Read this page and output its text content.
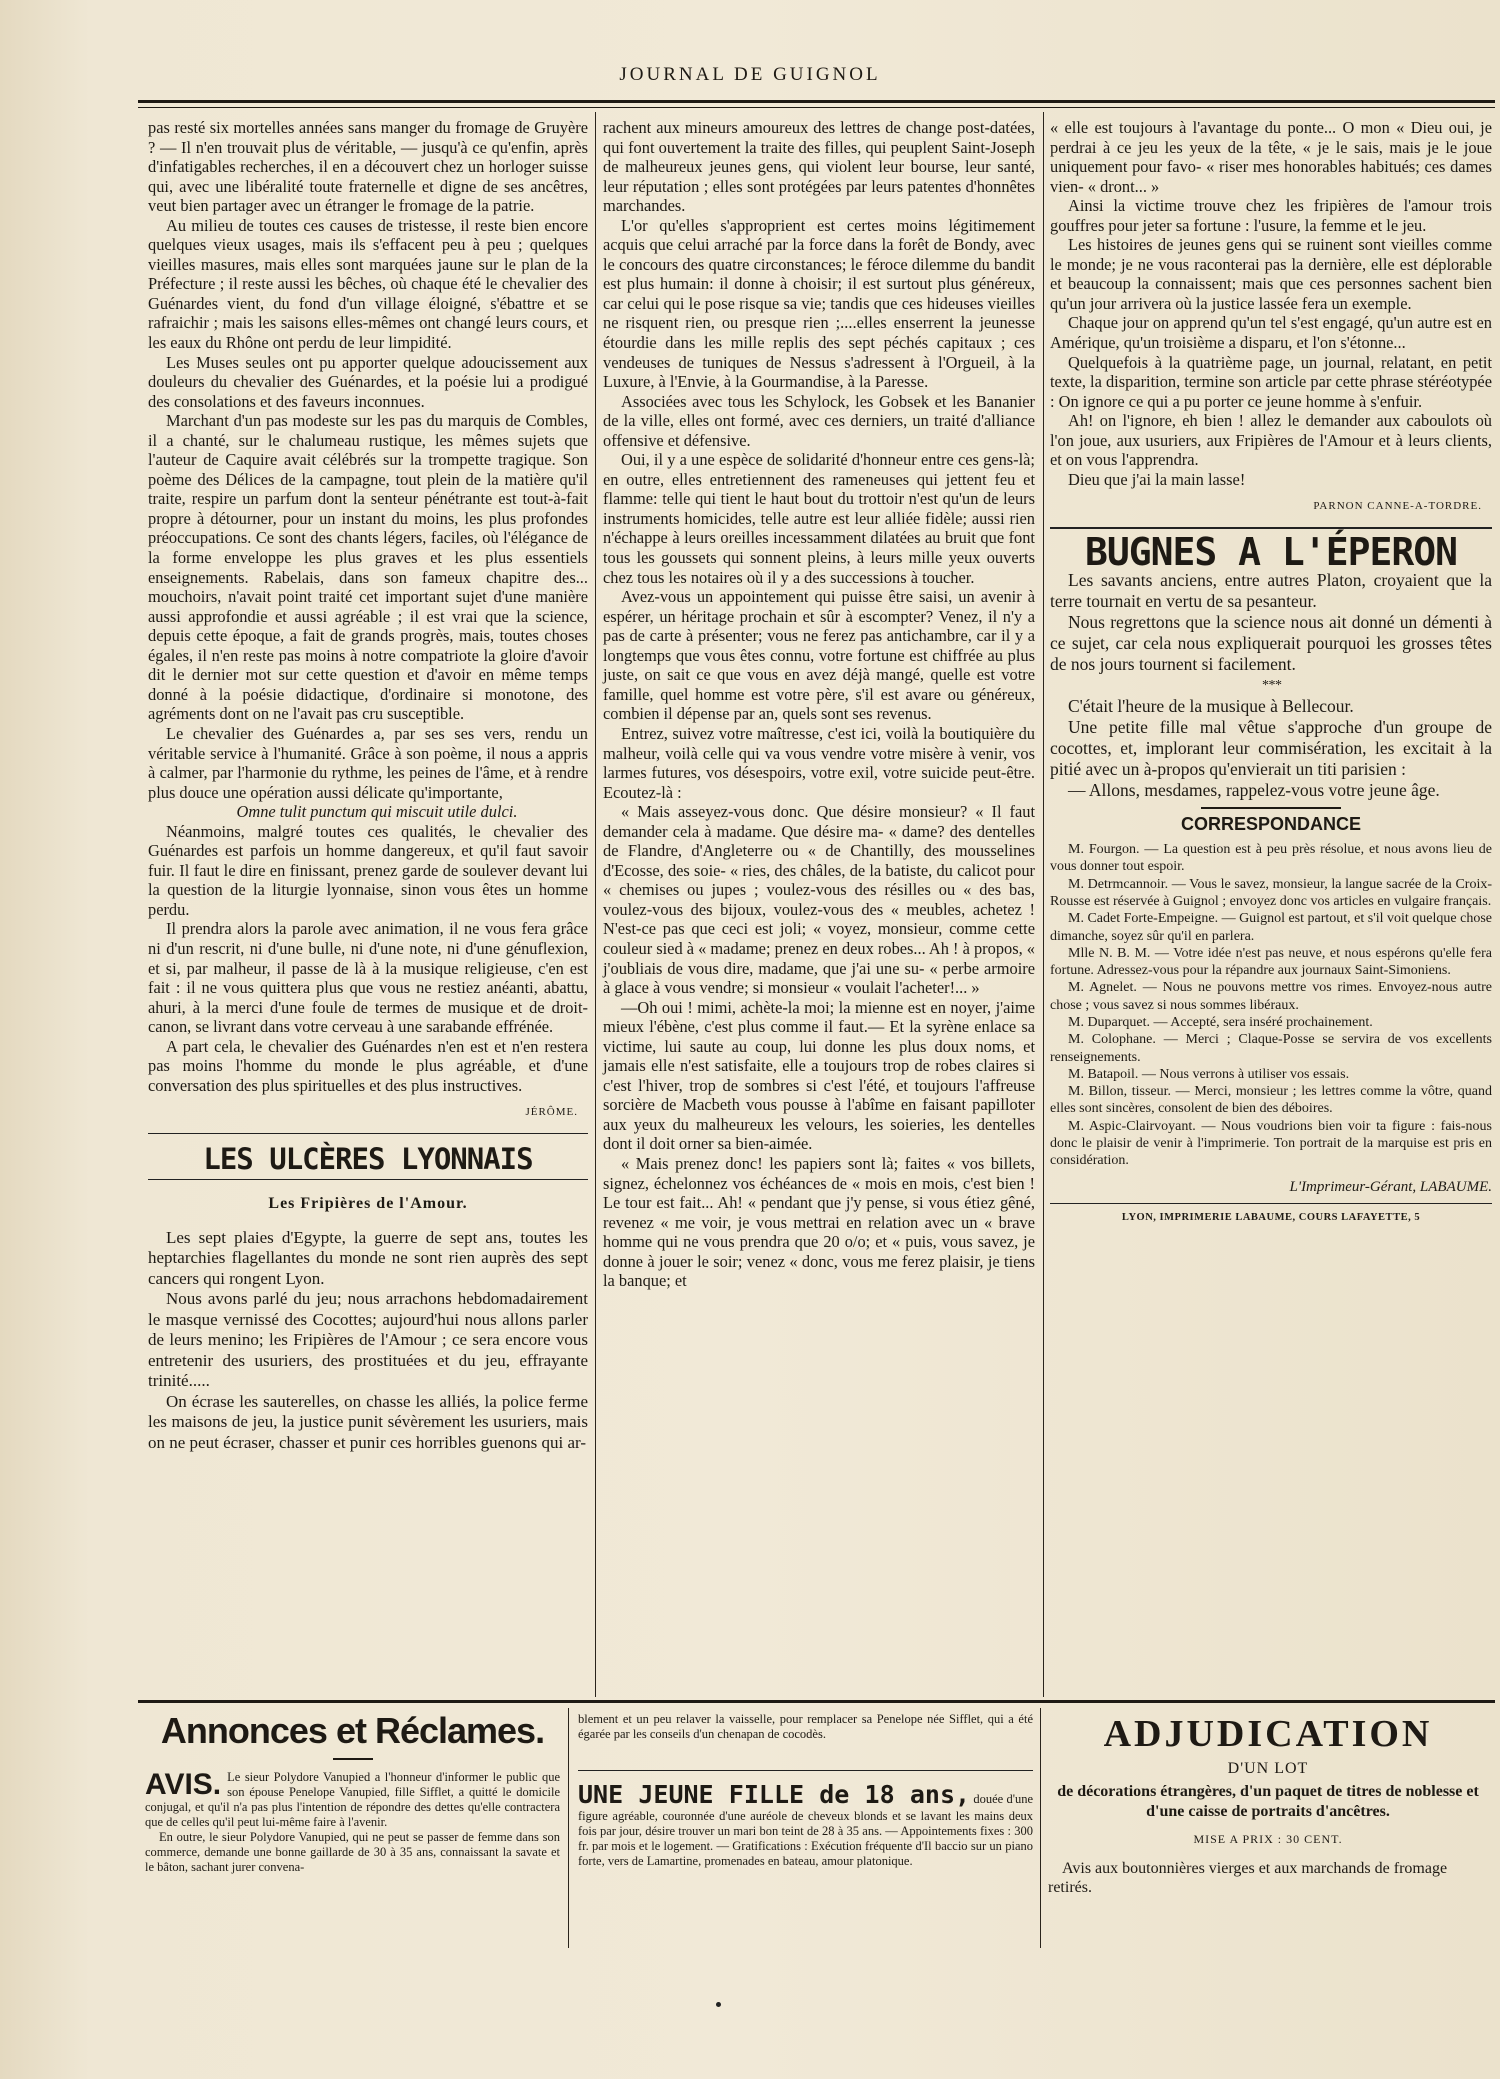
JOURNAL DE GUIGNOL

pas resté six mortelles années sans manger du fromage de Gruyère ? — Il n'en trouvait plus de véritable, — jusqu'à ce qu'enfin, après d'infatigables recherches, il en a découvert chez un horloger suisse qui, avec une libéralité toute fraternelle et digne de ses ancêtres, veut bien partager avec un étranger le fromage de la patrie.

Au milieu de toutes ces causes de tristesse, il reste bien encore quelques vieux usages, mais ils s'effacent peu à peu ; quelques vieilles masures, mais elles sont marquées jaune sur le plan de la Préfecture ; il reste aussi les bêches, où chaque été le chevalier des Guénardes vient, du fond d'un village éloigné, s'ébattre et se rafraichir ; mais les saisons elles-mêmes ont changé leurs cours, et les eaux du Rhône ont perdu de leur limpidité.

Les Muses seules ont pu apporter quelque adoucissement aux douleurs du chevalier des Guénardes, et la poésie lui a prodigué des consolations et des faveurs inconnues.

Marchant d'un pas modeste sur les pas du marquis de Combles, il a chanté, sur le chalumeau rustique, les mêmes sujets que l'auteur de Caquire avait célébrés sur la trompette tragique. Son poème des Délices de la campagne, tout plein de la matière qu'il traite, respire un parfum dont la senteur pénétrante est tout-à-fait propre à détourner, pour un instant du moins, les plus profondes préoccupations. Ce sont des chants légers, faciles, où l'élégance de la forme enveloppe les plus graves et les plus essentiels enseignements. Rabelais, dans son fameux chapitre des... mouchoirs, n'avait point traité cet important sujet d'une manière aussi approfondie et aussi agréable ; il est vrai que la science, depuis cette époque, a fait de grands progrès, mais, toutes choses égales, il n'en reste pas moins à notre compatriote la gloire d'avoir dit le dernier mot sur cette question et d'avoir en même temps donné à la poésie didactique, d'ordinaire si monotone, des agréments dont on ne l'avait pas cru susceptible.

Le chevalier des Guénardes a, par ses ses vers, rendu un véritable service à l'humanité. Grâce à son poème, il nous a appris à calmer, par l'harmonie du rythme, les peines de l'âme, et à rendre plus douce une opération aussi délicate qu'importante,

Omne tulit punctum qui miscuit utile dulci.

Néanmoins, malgré toutes ces qualités, le chevalier des Guénardes est parfois un homme dangereux, et qu'il faut savoir fuir. Il faut le dire en finissant, prenez garde de soulever devant lui la question de la liturgie lyonnaise, sinon vous êtes un homme perdu.

Il prendra alors la parole avec animation, il ne vous fera grâce ni d'un rescrit, ni d'une bulle, ni d'une note, ni d'une génuflexion, et si, par malheur, il passe de là à la musique religieuse, c'en est fait : il ne vous quittera plus que vous ne restiez anéanti, abattu, ahuri, à la merci d'une foule de termes de musique et de droit-canon, se livrant dans votre cerveau à une sarabande effrénée.

A part cela, le chevalier des Guénardes n'en est et n'en restera pas moins l'homme du monde le plus agréable, et d'une conversation des plus spirituelles et des plus instructives.

JÉRÔME.
LES ULCÈRES LYONNAIS
Les Fripières de l'Amour.

Les sept plaies d'Egypte, la guerre de sept ans, toutes les heptarchies flagellantes du monde ne sont rien auprès des sept cancers qui rongent Lyon.

Nous avons parlé du jeu; nous arrachons hebdomadairement le masque vernissé des Cocottes; aujourd'hui nous allons parler de leurs menino; les Fripières de l'Amour ; ce sera encore vous entretenir des usuriers, des prostituées et du jeu, effrayante trinité.....

On écrase les sauterelles, on chasse les alliés, la police ferme les maisons de jeu, la justice punit sévèrement les usuriers, mais on ne peut écraser, chasser et punir ces horribles guenons qui ar-

rachent aux mineurs amoureux des lettres de change post-datées, qui font ouvertement la traite des filles, qui peuplent Saint-Joseph de malheureux jeunes gens, qui violent leur bourse, leur santé, leur réputation ; elles sont protégées par leurs patentes d'honnêtes marchandes.

L'or qu'elles s'approprient est certes moins légitimement acquis que celui arraché par la force dans la forêt de Bondy, avec le concours des quatre circonstances; le féroce dilemme du bandit est plus humain: il donne à choisir; il est surtout plus généreux, car celui qui le pose risque sa vie; tandis que ces hideuses vieilles ne risquent rien, ou presque rien ;....elles enserrent la jeunesse étourdie dans les mille replis des sept péchés capitaux ; ces vendeuses de tuniques de Nessus s'adressent à l'Orgueil, à la Luxure, à l'Envie, à la Gourmandise, à la Paresse.

Associées avec tous les Schylock, les Gobsek et les Bananier de la ville, elles ont formé, avec ces derniers, un traité d'alliance offensive et défensive.

Oui, il y a une espèce de solidarité d'honneur entre ces gens-là; en outre, elles entretiennent des rameneuses qui jettent feu et flamme: telle qui tient le haut bout du trottoir n'est qu'un de leurs instruments homicides, telle autre est leur alliée fidèle; aussi rien n'échappe à leurs oreilles incessamment dilatées au bruit que font tous les goussets qui sonnent pleins, à leurs mille yeux ouverts chez tous les notaires où il y a des successions à toucher.

Avez-vous un appointement qui puisse être saisi, un avenir à espérer, un héritage prochain et sûr à escompter? Venez, il n'y a pas de carte à présenter; vous ne ferez pas antichambre, car il y a longtemps que vous êtes connu, votre fortune est chiffrée au plus juste, on sait ce que vous en avez déjà mangé, quelle est votre famille, quel homme est votre père, s'il est avare ou généreux, combien il dépense par an, quels sont ses revenus.

Entrez, suivez votre maîtresse, c'est ici, voilà la boutiquière du malheur, voilà celle qui va vous vendre votre misère à venir, vos larmes futures, vos désespoirs, votre exil, votre suicide peut-être. Ecoutez-là :

« Mais asseyez-vous donc. Que désire monsieur? « Il faut demander cela à madame. Que désire ma- « dame? des dentelles de Flandre, d'Angleterre ou « de Chantilly, des mousselines d'Ecosse, des soie- « ries, des châles, de la batiste, du calicot pour « chemises ou jupes ; voulez-vous des résilles ou « des bas, voulez-vous des bijoux, voulez-vous des « meubles, achetez ! N'est-ce pas que ceci est joli; « voyez, monsieur, comme cette couleur sied à « madame; prenez en deux robes... Ah ! à propos, « j'oubliais de vous dire, madame, que j'ai une su- « perbe armoire à glace à vous vendre; si monsieur « voulait l'acheter!... »

—Oh oui ! mimi, achète-la moi; la mienne est en noyer, j'aime mieux l'ébène, c'est plus comme il faut.— Et la syrène enlace sa victime, lui saute au coup, lui donne les plus doux noms, et jamais elle n'est satisfaite, elle a toujours trop de robes claires si c'est l'hiver, trop de sombres si c'est l'été, et toujours l'affreuse sorcière de Macbeth vous pousse à l'abîme en faisant papilloter aux yeux du malheureux les velours, les soieries, les dentelles dont il doit orner sa bien-aimée.

« Mais prenez donc! les papiers sont là; faites « vos billets, signez, échelonnez vos échéances de « mois en mois, c'est bien ! Le tour est fait... Ah! « pendant que j'y pense, si vous étiez gêné, revenez « me voir, je vous mettrai en relation avec un « brave homme qui ne vous prendra que 20 o/o; et « puis, vous savez, je donne à jouer le soir; venez « donc, vous me ferez plaisir, je tiens la banque; et

« elle est toujours à l'avantage du ponte... O mon « Dieu oui, je perdrai à ce jeu les yeux de la tête, « je le sais, mais je le joue uniquement pour favo- « riser mes honorables habitués; ces dames vien- « dront... »

Ainsi la victime trouve chez les fripières de l'amour trois gouffres pour jeter sa fortune : l'usure, la femme et le jeu.

Les histoires de jeunes gens qui se ruinent sont vieilles comme le monde; je ne vous raconterai pas la dernière, elle est déplorable et beaucoup la connaissent; mais que ces personnes sachent bien qu'un jour arrivera où la justice lassée fera un exemple.

Chaque jour on apprend qu'un tel s'est engagé, qu'un autre est en Amérique, qu'un troisième a disparu, et l'on s'étonne...

Quelquefois à la quatrième page, un journal, relatant, en petit texte, la disparition, termine son article par cette phrase stéréotypée : On ignore ce qui a pu porter ce jeune homme à s'enfuir.

Ah! on l'ignore, eh bien ! allez le demander aux caboulots où l'on joue, aux usuriers, aux Fripières de l'Amour et à leurs clients, et on vous l'apprendra.

Dieu que j'ai la main lasse!

PARNON CANNE-A-TORDRE.
BUGNES A L'ÉPERON

Les savants anciens, entre autres Platon, croyaient que la terre tournait en vertu de sa pesanteur.

Nous regrettons que la science nous ait donné un démenti à ce sujet, car cela nous expliquerait pourquoi les grosses têtes de nos jours tournent si facilement.

* * *

C'était l'heure de la musique à Bellecour.

Une petite fille mal vêtue s'approche d'un groupe de cocottes, et, implorant leur commisération, les excitait à la pitié avec un à-propos qu'envierait un titi parisien :

— Allons, mesdames, rappelez-vous votre jeune âge.

CORRESPONDANCE

M. Fourgon. — La question est à peu près résolue, et nous avons lieu de vous donner tout espoir.

M. Detrmcannoir. — Vous le savez, monsieur, la langue sacrée de la Croix-Rousse est réservée à Guignol ; envoyez donc vos articles en vulgaire français.

M. Cadet Forte-Empeigne. — Guignol est partout, et s'il voit quelque chose dimanche, soyez sûr qu'il en parlera.

Mlle N. B. M. — Votre idée n'est pas neuve, et nous espérons qu'elle fera fortune. Adressez-vous pour la répandre aux journaux Saint-Simoniens.

M. Agnelet. — Nous ne pouvons mettre vos rimes. Envoyez-nous autre chose ; vous savez si nous sommes libéraux.

M. Duparquet. — Accepté, sera inséré prochainement.

M. Colophane. — Merci ; Claque-Posse se servira de vos excellents renseignements.

M. Batapoil. — Nous verrons à utiliser vos essais.

M. Billon, tisseur. — Merci, monsieur ; les lettres comme la vôtre, quand elles sont sincères, consolent de bien des déboires.

M. Aspic-Clairvoyant. — Nous voudrions bien voir ta figure : fais-nous donc le plaisir de venir à l'imprimerie. Ton portrait de la marquise est pris en considération.

L'Imprimeur-Gérant, LABAUME.
LYON, IMPRIMERIE LABAUME, COURS LAFAYETTE, 5
Annonces et Réclames.
AVIS. Le sieur Polydore Vanupied a l'honneur d'informer le public que son épouse Penelope Vanupied, fille Sifflet, a quitté le domicile conjugal, et qu'il n'a pas plus l'intention de répondre des dettes qu'elle contractera que de celles qu'il peut lui-même faire à l'avenir.
En outre, le sieur Polydore Vanupied, qui ne peut se passer de femme dans son commerce, demande une bonne gaillarde de 30 à 35 ans, connaissant la savate et le bâton, sachant jurer convena-
blement et un peu relaver la vaisselle, pour remplacer sa Penelope née Sifflet, qui a été égarée par les conseils d'un chenapan de cocodès.
UNE JEUNE FILLE de 18 ans, douée d'une figure agréable, couronnée d'une auréole de cheveux blonds et se lavant les mains deux fois par jour, désire trouver un mari bon teint de 28 à 35 ans. — Appointements fixes : 300 fr. par mois et le logement. — Gratifications : Exécution fréquente d'Il baccio sur un piano forte, vers de Lamartine, promenades en bateau, amour platonique.
ADJUDICATION
D'UN LOT
de décorations étrangères, d'un paquet de titres de noblesse et d'une caisse de portraits d'ancêtres.
MISE A PRIX : 30 CENT.
Avis aux boutonnières vierges et aux marchands de fromage retirés.
